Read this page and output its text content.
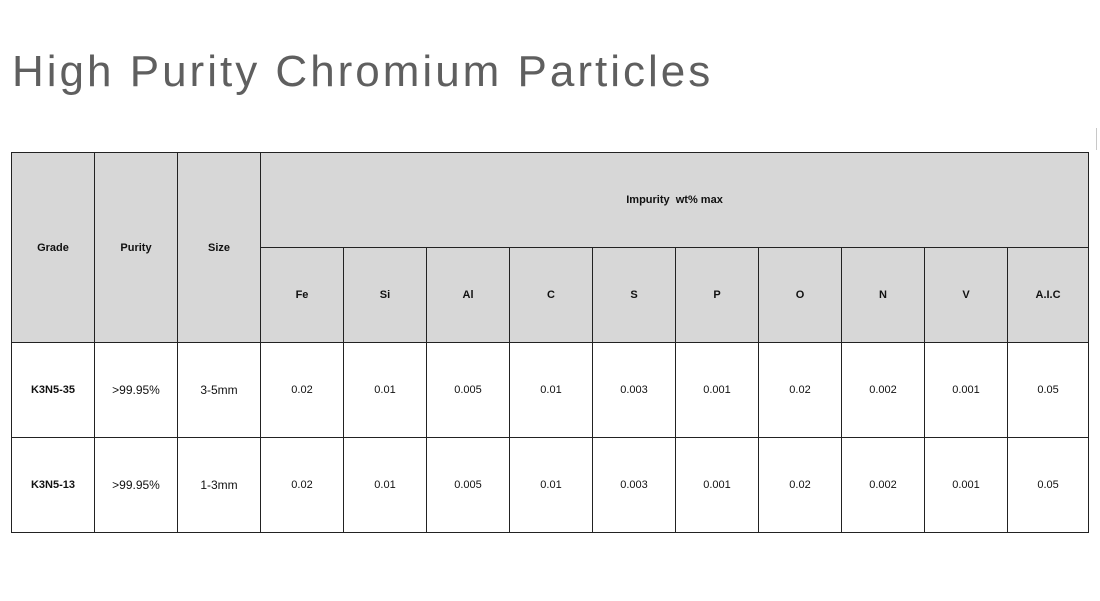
High Purity Chromium Particles
Grade	Purity	Size	Impurity  wt% max									
			Fe	Si	Al	C	S	P	O	N	V	A.I.C
K3N5-35	>99.95%	3-5mm	0.02	0.01	0.005	0.01	0.003	0.001	0.02	0.002	0.001	0.05
K3N5-13	>99.95%	1-3mm	0.02	0.01	0.005	0.01	0.003	0.001	0.02	0.002	0.001	0.05
